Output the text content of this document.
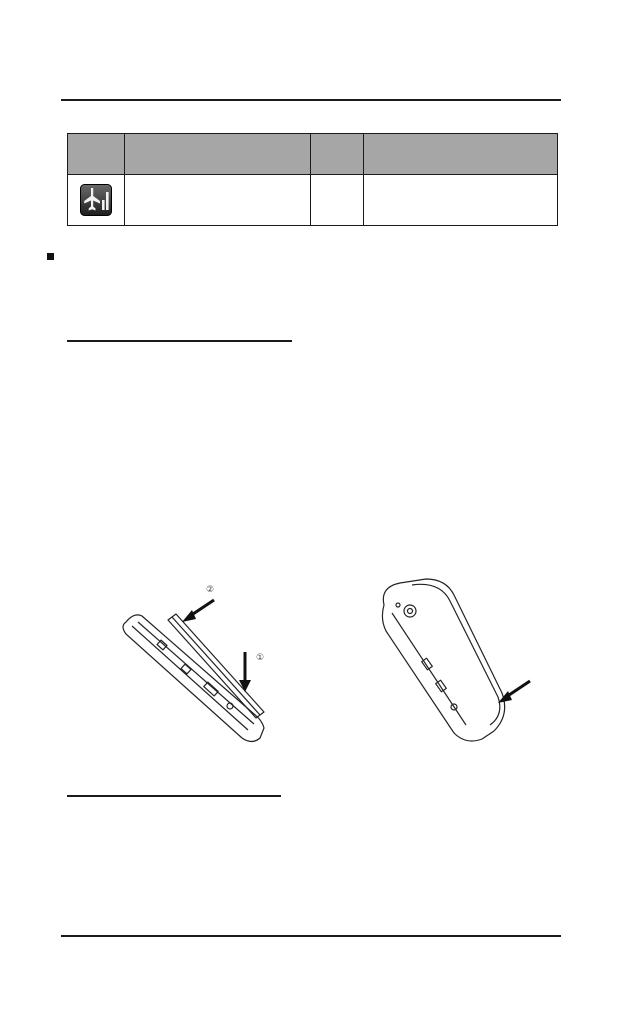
②
①
